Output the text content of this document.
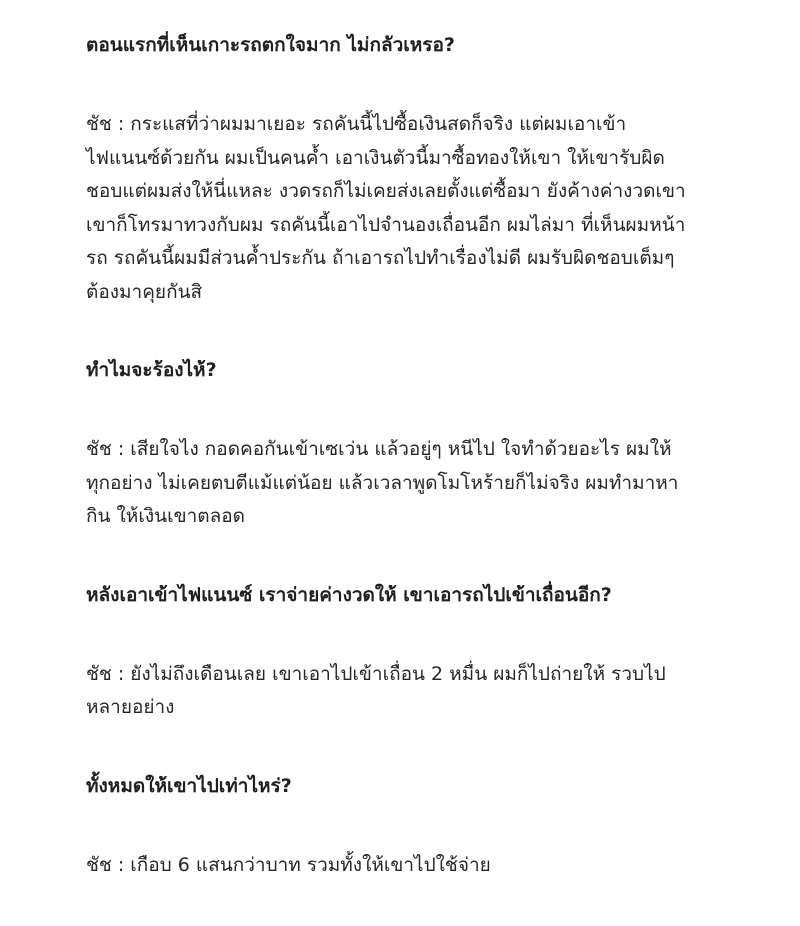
ตอนแรกที่เห็นเกาะรถตกใจมาก ไม่กลัวเหรอ?

ชัช : กระแสที่ว่าผมมาเยอะ รถคันนี้ไปซื้อเงินสดก็จริง แต่ผมเอาเข้า
ไฟแนนซ์ด้วยกัน ผมเป็นคนค้ำ เอาเงินตัวนี้มาซื้อทองให้เขา ให้เขารับผิด
ชอบแต่ผมส่งให้นี่แหละ งวดรถก็ไม่เคยส่งเลยตั้งแต่ซื้อมา ยังค้างค่างวดเขา
เขาก็โทรมาทวงกับผม รถคันนี้เอาไปจำนองเถื่อนอีก ผมไล่มา ที่เห็นผมหน้า
รถ รถคันนี้ผมมีส่วนค้ำประกัน ถ้าเอารถไปทำเรื่องไม่ดี ผมรับผิดชอบเต็มๆ
ต้องมาคุยกันสิ

ทำไมจะร้องไห้?

ชัช : เสียใจไง กอดคอกันเข้าเซเว่น แล้วอยู่ๆ หนีไป ใจทำด้วยอะไร ผมให้
ทุกอย่าง ไม่เคยตบตีแม้แต่น้อย แล้วเวลาพูดโมโหร้ายก็ไม่จริง ผมทำมาหา
กิน ให้เงินเขาตลอด

หลังเอาเข้าไฟแนนซ์ เราจ่ายค่างวดให้ เขาเอารถไปเข้าเถื่อนอีก?

ชัช : ยังไม่ถึงเดือนเลย เขาเอาไปเข้าเถื่อน 2 หมื่น ผมก็ไปถ่ายให้ รวบไป
หลายอย่าง

ทั้งหมดให้เขาไปเท่าไหร่?

ชัช : เกือบ 6 แสนกว่าบาท รวมทั้งให้เขาไปใช้จ่าย
